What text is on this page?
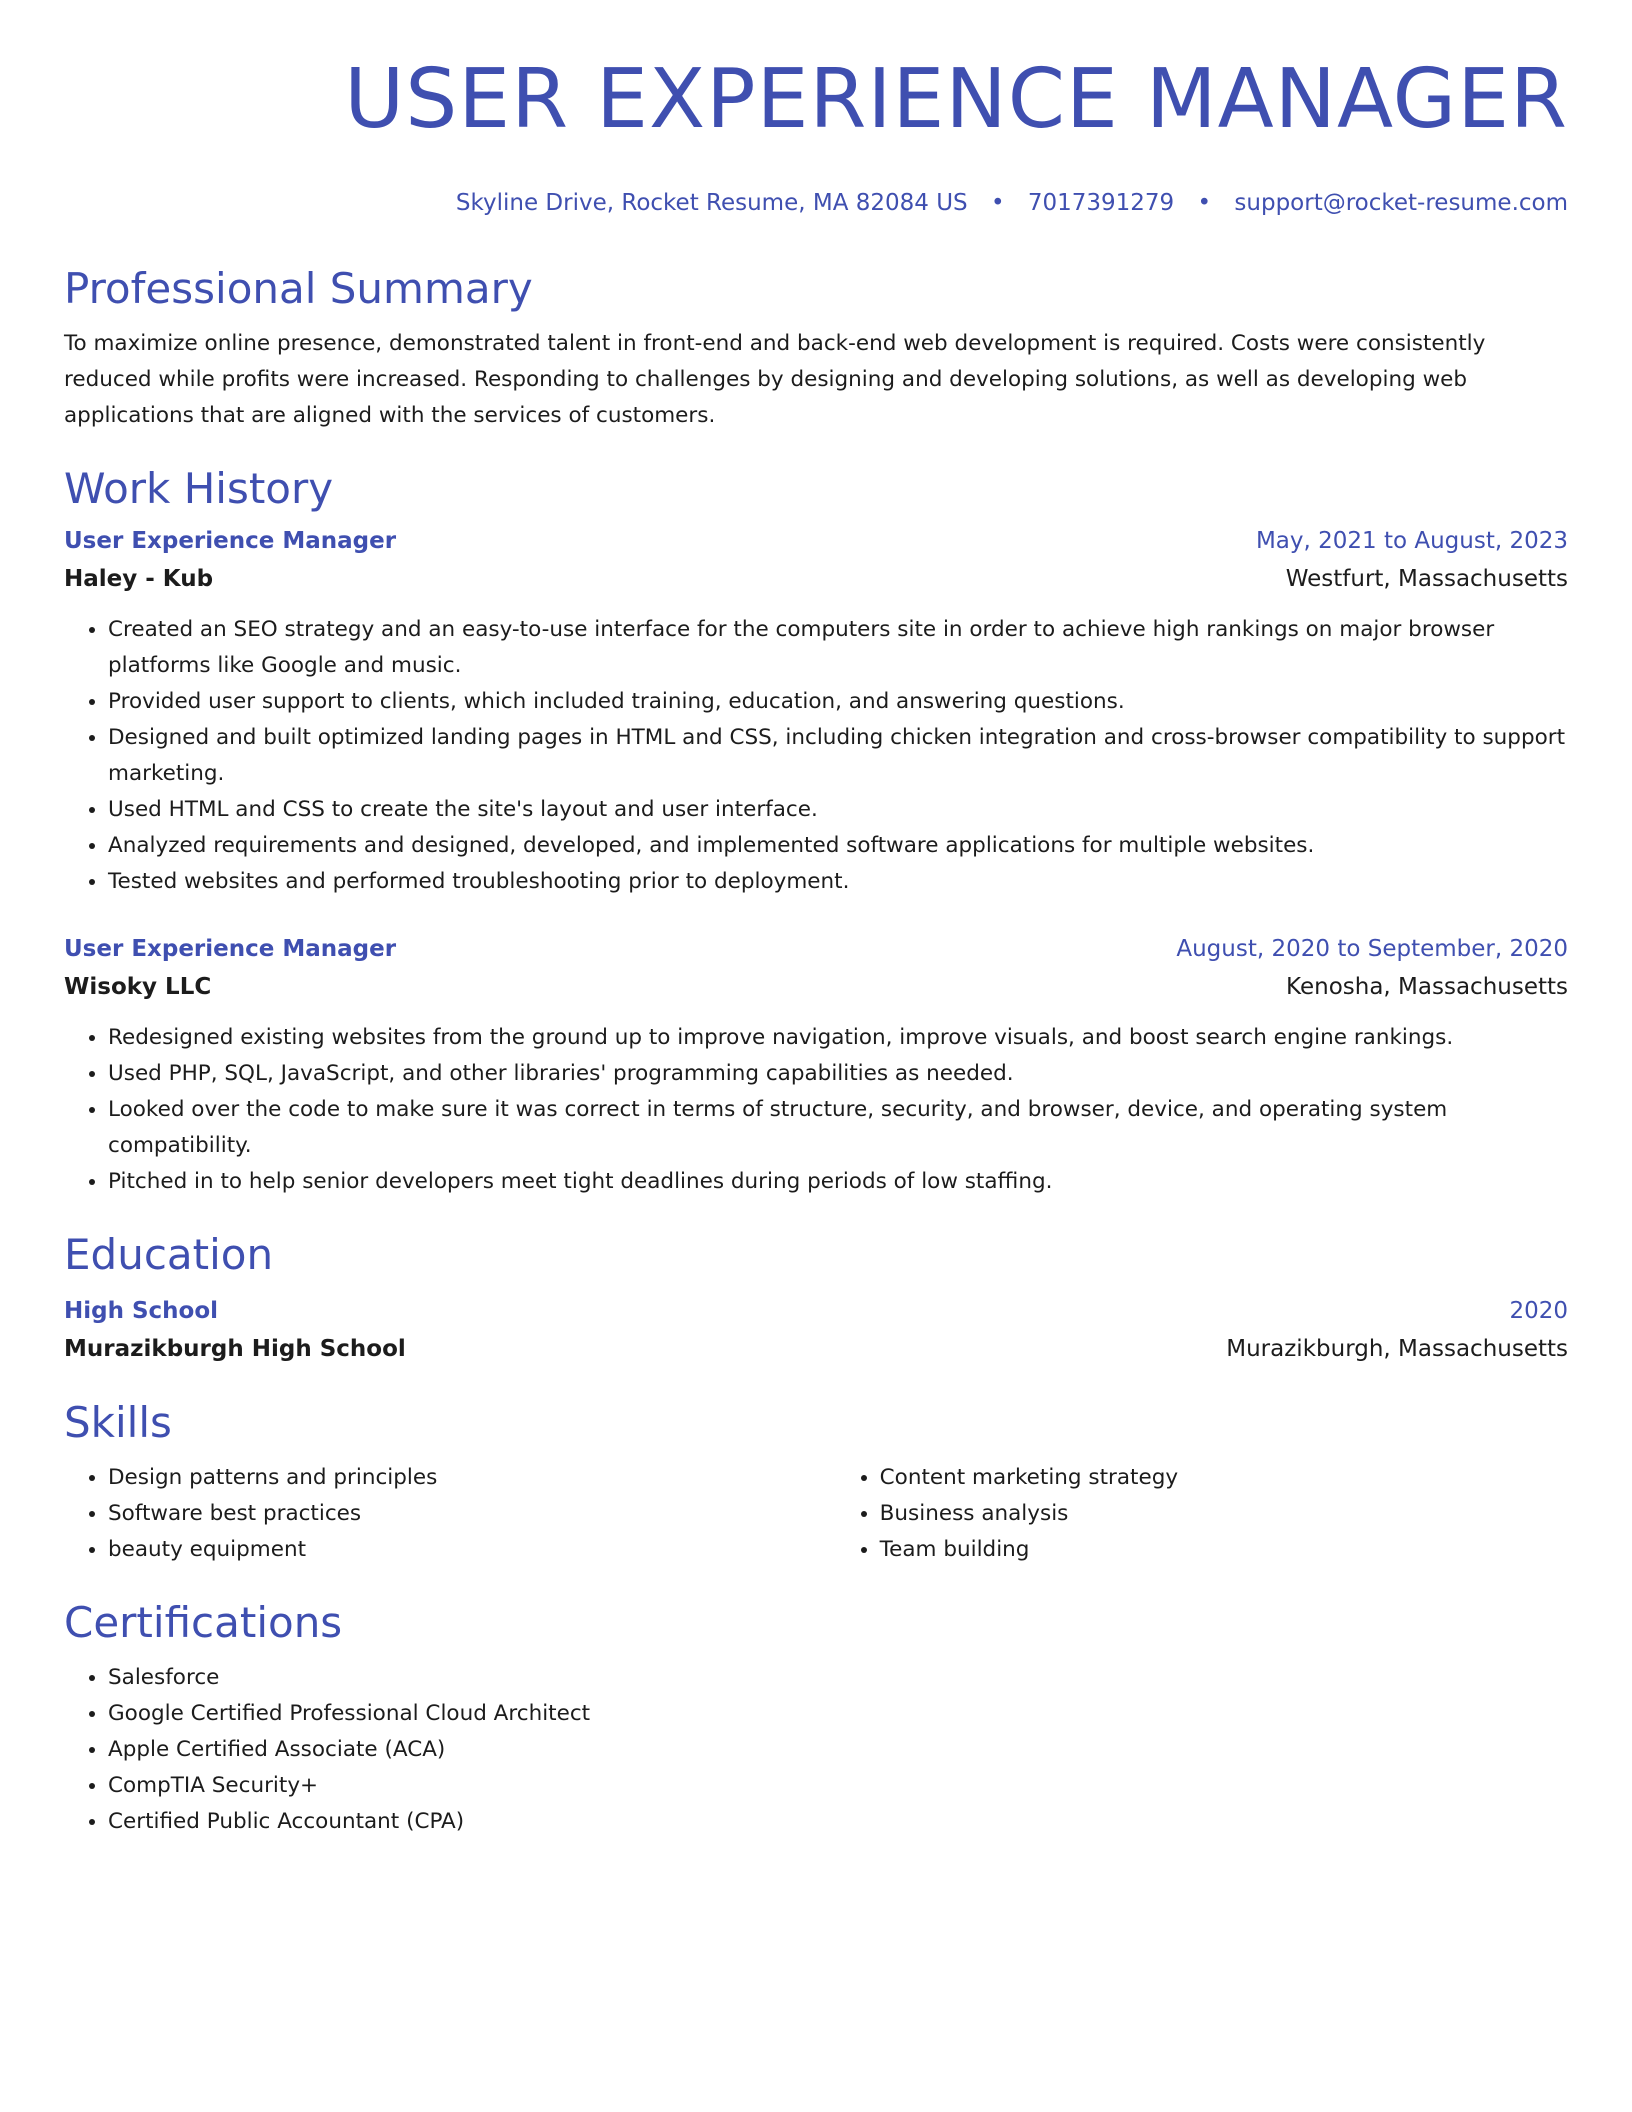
USER EXPERIENCE MANAGER
Skyline Drive, Rocket Resume, MA 82084 US • 7017391279 • support@rocket-resume.com
Professional Summary
To maximize online presence, demonstrated talent in front-end and back-end web development is required. Costs were consistently reduced while profits were increased. Responding to challenges by designing and developing solutions, as well as developing web applications that are aligned with the services of customers.
Work History
User Experience Manager	May, 2021 to August, 2023
Haley - Kub	Westfurt, Massachusetts
• Created an SEO strategy and an easy-to-use interface for the computers site in order to achieve high rankings on major browser platforms like Google and music.
• Provided user support to clients, which included training, education, and answering questions.
• Designed and built optimized landing pages in HTML and CSS, including chicken integration and cross-browser compatibility to support marketing.
• Used HTML and CSS to create the site's layout and user interface.
• Analyzed requirements and designed, developed, and implemented software applications for multiple websites.
• Tested websites and performed troubleshooting prior to deployment.
User Experience Manager	August, 2020 to September, 2020
Wisoky LLC	Kenosha, Massachusetts
• Redesigned existing websites from the ground up to improve navigation, improve visuals, and boost search engine rankings.
• Used PHP, SQL, JavaScript, and other libraries' programming capabilities as needed.
• Looked over the code to make sure it was correct in terms of structure, security, and browser, device, and operating system compatibility.
• Pitched in to help senior developers meet tight deadlines during periods of low staffing.
Education
High School	2020
Murazikburgh High School	Murazikburgh, Massachusetts
Skills
• Design patterns and principles
• Software best practices
• beauty equipment
• Content marketing strategy
• Business analysis
• Team building
Certifications
• Salesforce
• Google Certified Professional Cloud Architect
• Apple Certified Associate (ACA)
• CompTIA Security+
• Certified Public Accountant (CPA)
